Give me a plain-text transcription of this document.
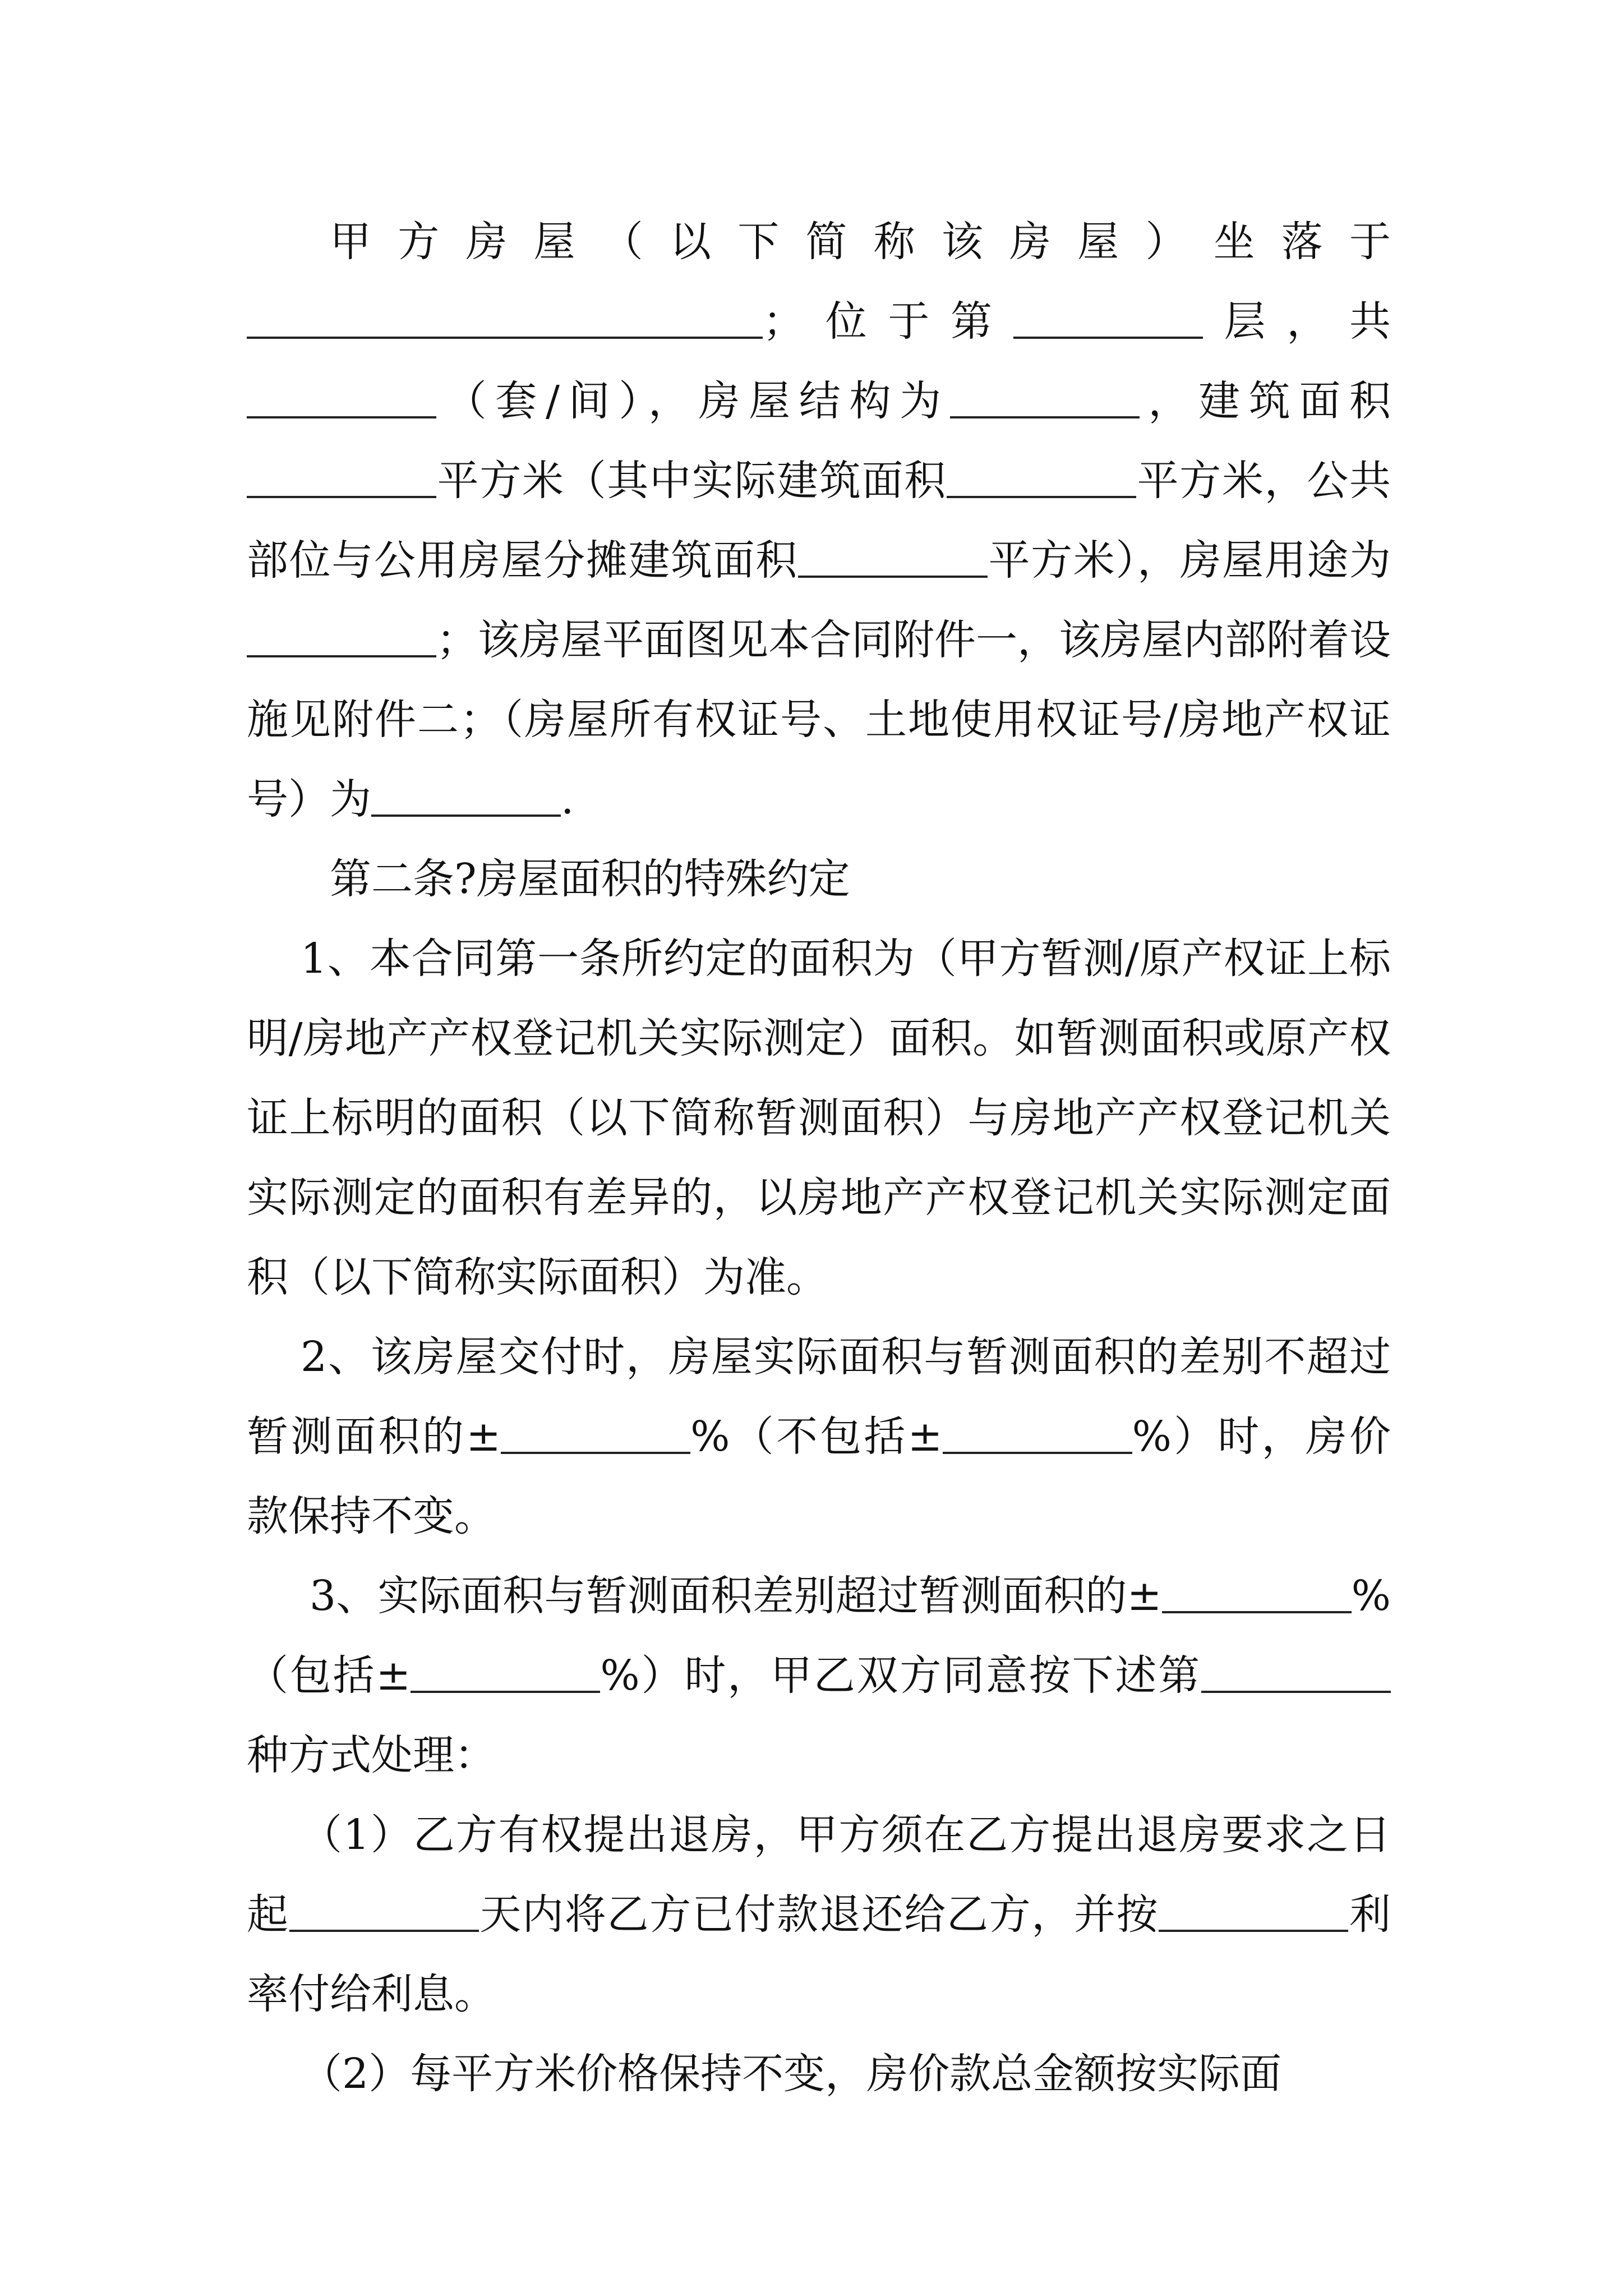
甲方房屋（以下简称该房屋）坐落于；位于第	层，共（套/间），房屋结构为	，建筑面积平方米（其中实际建筑面积	平方米，公共部位与公用房屋分摊建筑面积	平方米），房屋用途为；该房屋平面图见本合同附件一，该房屋内部附着设施见附件二；（房屋所有权证号、土地使用权证号/房地产权证号）为	.

第二条?房屋面积的特殊约定

1、本合同第一条所约定的面积为（甲方暂测/原产权证上标明/房地产产权登记机关实际测定）面积。如暂测面积或原产权证上标明的面积（以下简称暂测面积）与房地产产权登记机关实际测定的面积有差异的，以房地产产权登记机关实际测定面积（以下简称实际面积）为准。

2、该房屋交付时，房屋实际面积与暂测面积的差别不超过暂测面积的±	%（不包括±	%）时，房价款保持不变。

3、实际面积与暂测面积差别超过暂测面积的±	%（包括±	%）时，甲乙双方同意按下述第种方式处理：

（1）乙方有权提出退房，甲方须在乙方提出退房要求之日起	天内将乙方已付款退还给乙方，并按	利率付给利息。

（2）每平方米价格保持不变，房价款总金额按实际面
